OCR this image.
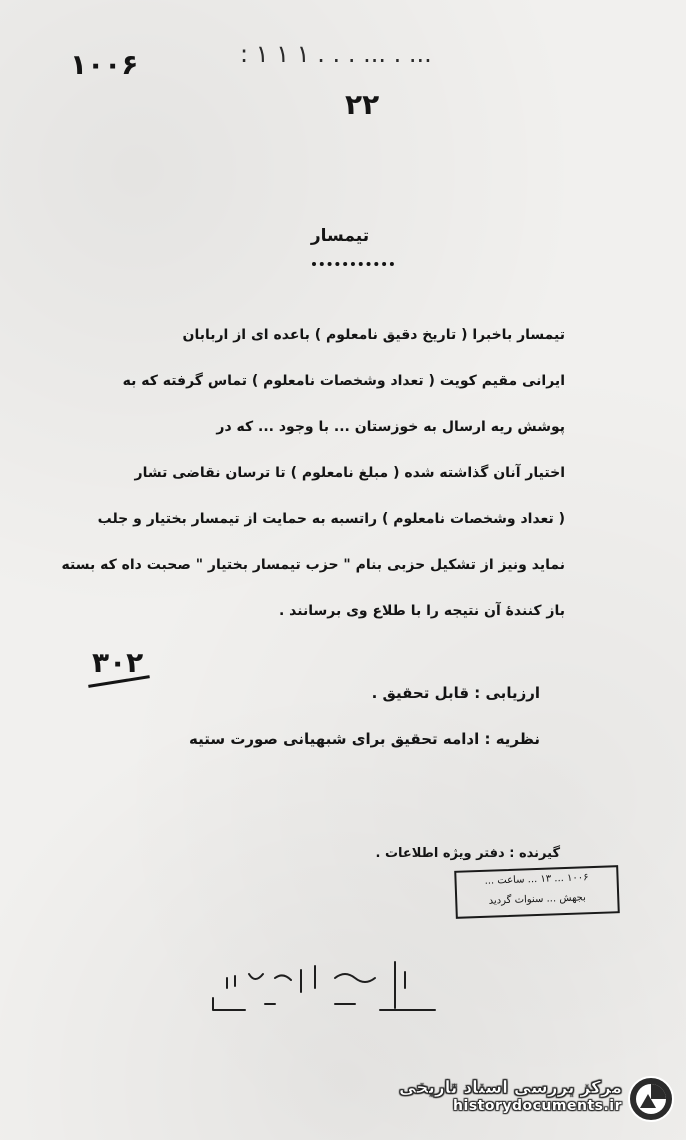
۱۰۰۶	... . ... . . . ۱ ۱ ۱ :
۲۲
تیمسار
تیمسار باخبرا ( تاریخ دقیق نامعلوم ) باعده ای از اربابان
ایرانی مقیم کویت ( تعداد وشخصات نامعلوم ) تماس گرفته که به
پوشش ریه ارسال به خوزستان ... با وجود ... که در
اختیار آنان گذاشته شده ( مبلغ نامعلوم ) تا ترسان نقاضی تشار
( تعداد وشخصات نامعلوم ) راتسبه به حمایت از تیمسار بختیار و جلب
نماید ونیز از تشکیل حزبی بنام " حزب تیمسار بختیار " صحبت داه که بسته
باز کنندهٔ آن نتیجه را با طلاع وی برسانند .
۳۰۲
ارزیابی : قابل تحقیق .
نظریه : ادامه تحقیق برای شبهیانی صورت ستیه
گیرنده : دفتر ویژه اطلاعات .
۱۰۰۶ ... ۱۳ ... ساعت ...
بجهش ... سنوات گردید
مرکز بررسی اسناد تاریخی
historydocuments.ir
